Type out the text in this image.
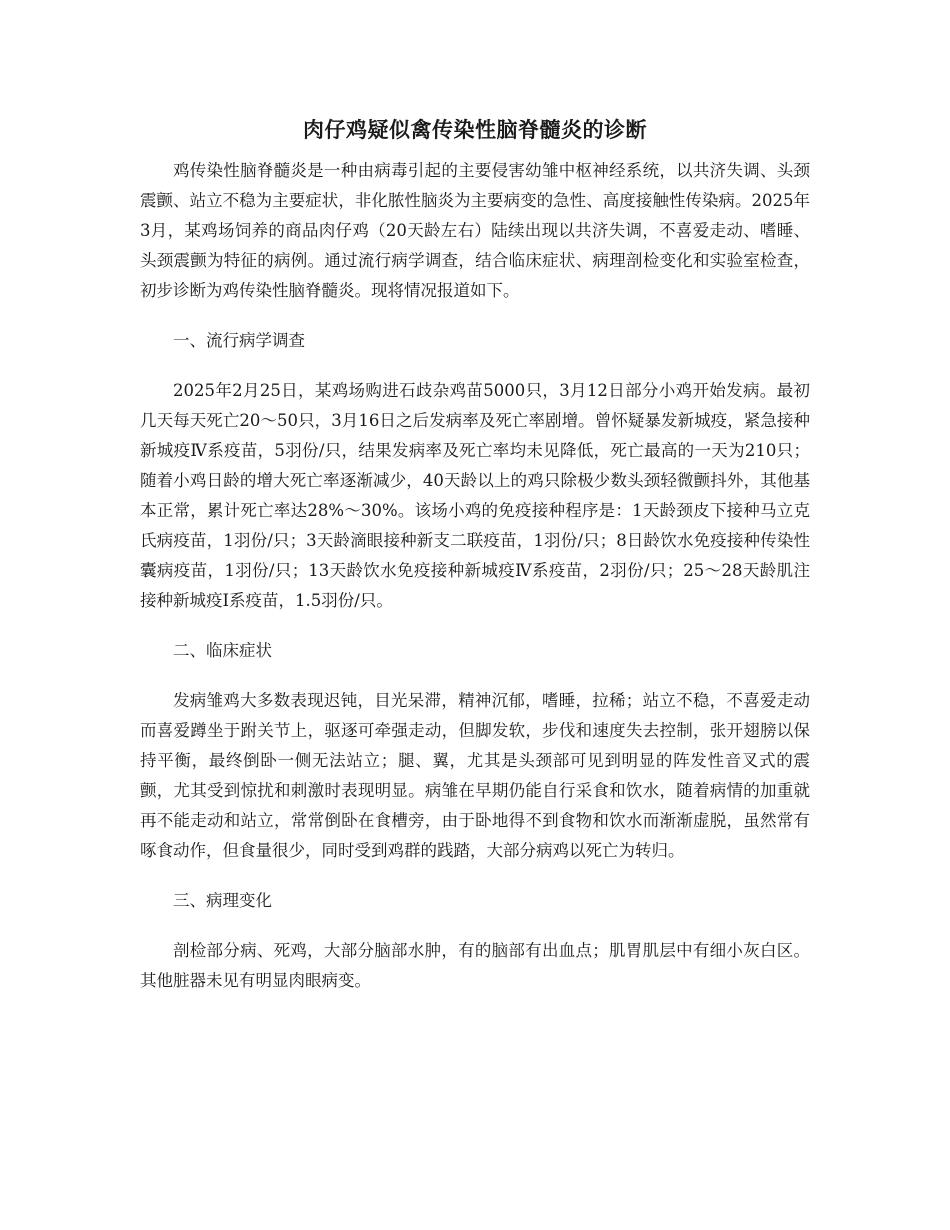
肉仔鸡疑似禽传染性脑脊髓炎的诊断

鸡传染性脑脊髓炎是一种由病毒引起的主要侵害幼雏中枢神经系统，以共济失调、头颈震颤、站立不稳为主要症状，非化脓性脑炎为主要病变的急性、高度接触性传染病。2025年3月，某鸡场饲养的商品肉仔鸡（20天龄左右）陆续出现以共济失调，不喜爱走动、嗜睡、头颈震颤为特征的病例。通过流行病学调查，结合临床症状、病理剖检变化和实验室检查，初步诊断为鸡传染性脑脊髓炎。现将情况报道如下。

一、流行病学调查

2025年2月25日，某鸡场购进石歧杂鸡苗5000只，3月12日部分小鸡开始发病。最初几天每天死亡20～50只，3月16日之后发病率及死亡率剧增。曾怀疑暴发新城疫，紧急接种新城疫Ⅳ系疫苗，5羽份/只，结果发病率及死亡率均未见降低，死亡最高的一天为210只；随着小鸡日龄的增大死亡率逐渐减少，40天龄以上的鸡只除极少数头颈轻微颤抖外，其他基本正常，累计死亡率达28%～30%。该场小鸡的免疫接种程序是：1天龄颈皮下接种马立克氏病疫苗，1羽份/只；3天龄滴眼接种新支二联疫苗，1羽份/只；8日龄饮水免疫接种传染性囊病疫苗，1羽份/只；13天龄饮水免疫接种新城疫Ⅳ系疫苗，2羽份/只；25～28天龄肌注接种新城疫Ⅰ系疫苗，1.5羽份/只。

二、临床症状

发病雏鸡大多数表现迟钝，目光呆滞，精神沉郁，嗜睡，拉稀；站立不稳，不喜爱走动而喜爱蹲坐于跗关节上，驱逐可牵强走动，但脚发软，步伐和速度失去控制，张开翅膀以保持平衡，最终倒卧一侧无法站立；腿、翼，尤其是头颈部可见到明显的阵发性音叉式的震颤，尤其受到惊扰和刺激时表现明显。病雏在早期仍能自行采食和饮水，随着病情的加重就再不能走动和站立，常常倒卧在食槽旁，由于卧地得不到食物和饮水而渐渐虚脱，虽然常有啄食动作，但食量很少，同时受到鸡群的践踏，大部分病鸡以死亡为转归。

三、病理变化

剖检部分病、死鸡，大部分脑部水肿，有的脑部有出血点；肌胃肌层中有细小灰白区。其他脏器未见有明显肉眼病变。
